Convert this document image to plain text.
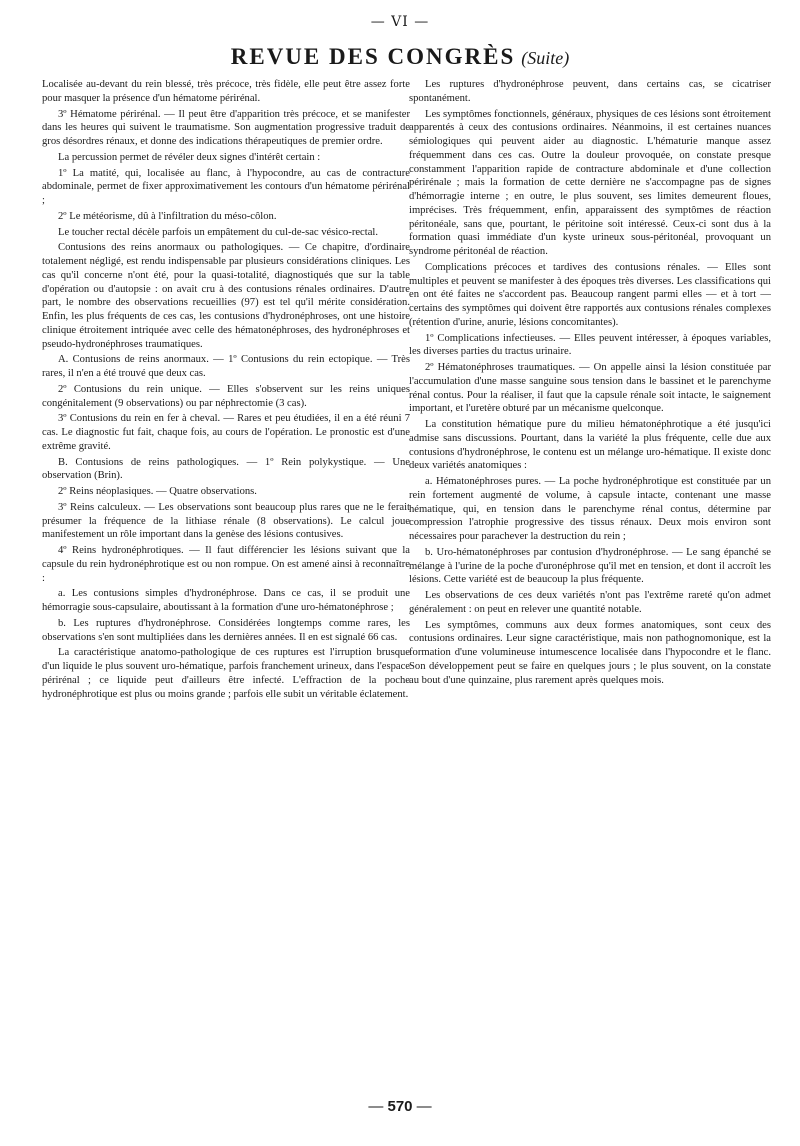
— VI —
REVUE DES CONGRÈS (Suite)

Localisée au-devant du rein blessé, très précoce, très fidèle, elle peut être assez forte pour masquer la présence d'un hématome périrénal.

3º Hématome périrénal. — Il peut être d'apparition très précoce, et se manifester dans les heures qui suivent le traumatisme. Son augmentation progressive traduit de gros désordres rénaux, et donne des indications thérapeutiques de premier ordre.

La percussion permet de révéler deux signes d'intérêt certain :

1º La matité, qui, localisée au flanc, à l'hypocondre, au cas de contracture abdominale, permet de fixer approximativement les contours d'un hématome périrénal ;

2º Le météorisme, dû à l'infiltration du méso-côlon.

Le toucher rectal décèle parfois un empâtement du cul-de-sac vésico-rectal.

Contusions des reins anormaux ou pathologiques. — Ce chapitre, d'ordinaire totalement négligé, est rendu indispensable par plusieurs considérations cliniques. Les cas qu'il concerne n'ont été, pour la quasi-totalité, diagnostiqués que sur la table d'opération ou d'autopsie : on avait cru à des contusions rénales ordinaires. D'autre part, le nombre des observations recueillies (97) est tel qu'il mérite considération. Enfin, les plus fréquents de ces cas, les contusions d'hydronéphroses, ont une histoire clinique étroitement intriquée avec celle des hématonéphroses, des hydronéphroses et pseudo-hydronéphroses traumatiques.

A. Contusions de reins anormaux. — 1º Contusions du rein ectopique. — Très rares, il n'en a été trouvé que deux cas.

2º Contusions du rein unique. — Elles s'observent sur les reins uniques congénitalement (9 observations) ou par néphrectomie (3 cas).

3º Contusions du rein en fer à cheval. — Rares et peu étudiées, il en a été réuni 7 cas. Le diagnostic fut fait, chaque fois, au cours de l'opération. Le pronostic est d'une extrême gravité.

B. Contusions de reins pathologiques. — 1º Rein polykystique. — Une observation (Brin).

2º Reins néoplasiques. — Quatre observations.

3º Reins calculeux. — Les observations sont beaucoup plus rares que ne le ferait présumer la fréquence de la lithiase rénale (8 observations). Le calcul joue manifestement un rôle important dans la genèse des lésions contusives.

4º Reins hydronéphrotiques. — Il faut différencier les lésions suivant que la capsule du rein hydronéphrotique est ou non rompue. On est amené ainsi à reconnaître :

a. Les contusions simples d'hydronéphrose. Dans ce cas, il se produit une hémorragie sous-capsulaire, aboutissant à la formation d'une uro-hématonéphrose ;

b. Les ruptures d'hydronéphrose. Considérées longtemps comme rares, les observations s'en sont multipliées dans les dernières années. Il en est signalé 66 cas.

La caractéristique anatomo-pathologique de ces ruptures est l'irruption brusque d'un liquide le plus souvent uro-hématique, parfois franchement urineux, dans l'espace périrénal ; ce liquide peut d'ailleurs être infecté. L'effraction de la poche hydronéphrotique est plus ou moins grande ; parfois elle subit un véritable éclatement.

Les ruptures d'hydronéphrose peuvent, dans certains cas, se cicatriser spontanément.

Les symptômes fonctionnels, généraux, physiques de ces lésions sont étroitement apparentés à ceux des contusions ordinaires. Néanmoins, il est certaines nuances sémiologiques qui peuvent aider au diagnostic. L'hématurie manque assez fréquemment dans ces cas. Outre la douleur provoquée, on constate presque constamment l'apparition rapide de contracture abdominale et d'une collection périrénale ; mais la formation de cette dernière ne s'accompagne pas de signes d'hémorragie interne ; en outre, le plus souvent, ses limites demeurent floues, imprécises. Très fréquemment, enfin, apparaissent des symptômes de réaction péritonéale, sans que, pourtant, le péritoine soit intéressé. Ceux-ci sont dus à la formation quasi immédiate d'un kyste urineux sous-péritonéal, provoquant un syndrome péritonéal de réaction.

Complications précoces et tardives des contusions rénales. — Elles sont multiples et peuvent se manifester à des époques très diverses. Les classifications qui en ont été faites ne s'accordent pas. Beaucoup rangent parmi elles — et à tort — certains des symptômes qui doivent être rapportés aux contusions rénales complexes (rétention d'urine, anurie, lésions concomitantes).

1º Complications infectieuses. — Elles peuvent intéresser, à époques variables, les diverses parties du tractus urinaire.

2º Hématonéphroses traumatiques. — On appelle ainsi la lésion constituée par l'accumulation d'une masse sanguine sous tension dans le bassinet et le parenchyme rénal contus. Pour la réaliser, il faut que la capsule rénale soit intacte, le saignement important, et l'uretère obturé par un mécanisme quelconque.

La constitution hématique pure du milieu hématonéphrotique a été jusqu'ici admise sans discussions. Pourtant, dans la variété la plus fréquente, celle due aux contusions d'hydronéphrose, le contenu est un mélange uro-hématique. Il existe donc deux variétés anatomiques :

a. Hématonéphroses pures. — La poche hydronéphrotique est constituée par un rein fortement augmenté de volume, à capsule intacte, contenant une masse hématique, qui, en tension dans le parenchyme rénal contus, détermine par compression l'atrophie progressive des tissus rénaux. Deux mois environ sont nécessaires pour parachever la destruction du rein ;

b. Uro-hématonéphroses par contusion d'hydronéphrose. — Le sang épanché se mélange à l'urine de la poche d'uronéphrose qu'il met en tension, et dont il accroît les lésions. Cette variété est de beaucoup la plus fréquente.

Les observations de ces deux variétés n'ont pas l'extrême rareté qu'on admet généralement : on peut en relever une quantité notable.

Les symptômes, communs aux deux formes anatomiques, sont ceux des contusions ordinaires. Leur signe caractéristique, mais non pathognomonique, est la formation d'une volumineuse intumescence localisée dans l'hypocondre et le flanc. Son développement peut se faire en quelques jours ; le plus souvent, on la constate au bout d'une quinzaine, plus rarement après quelques mois.

— 570 —
